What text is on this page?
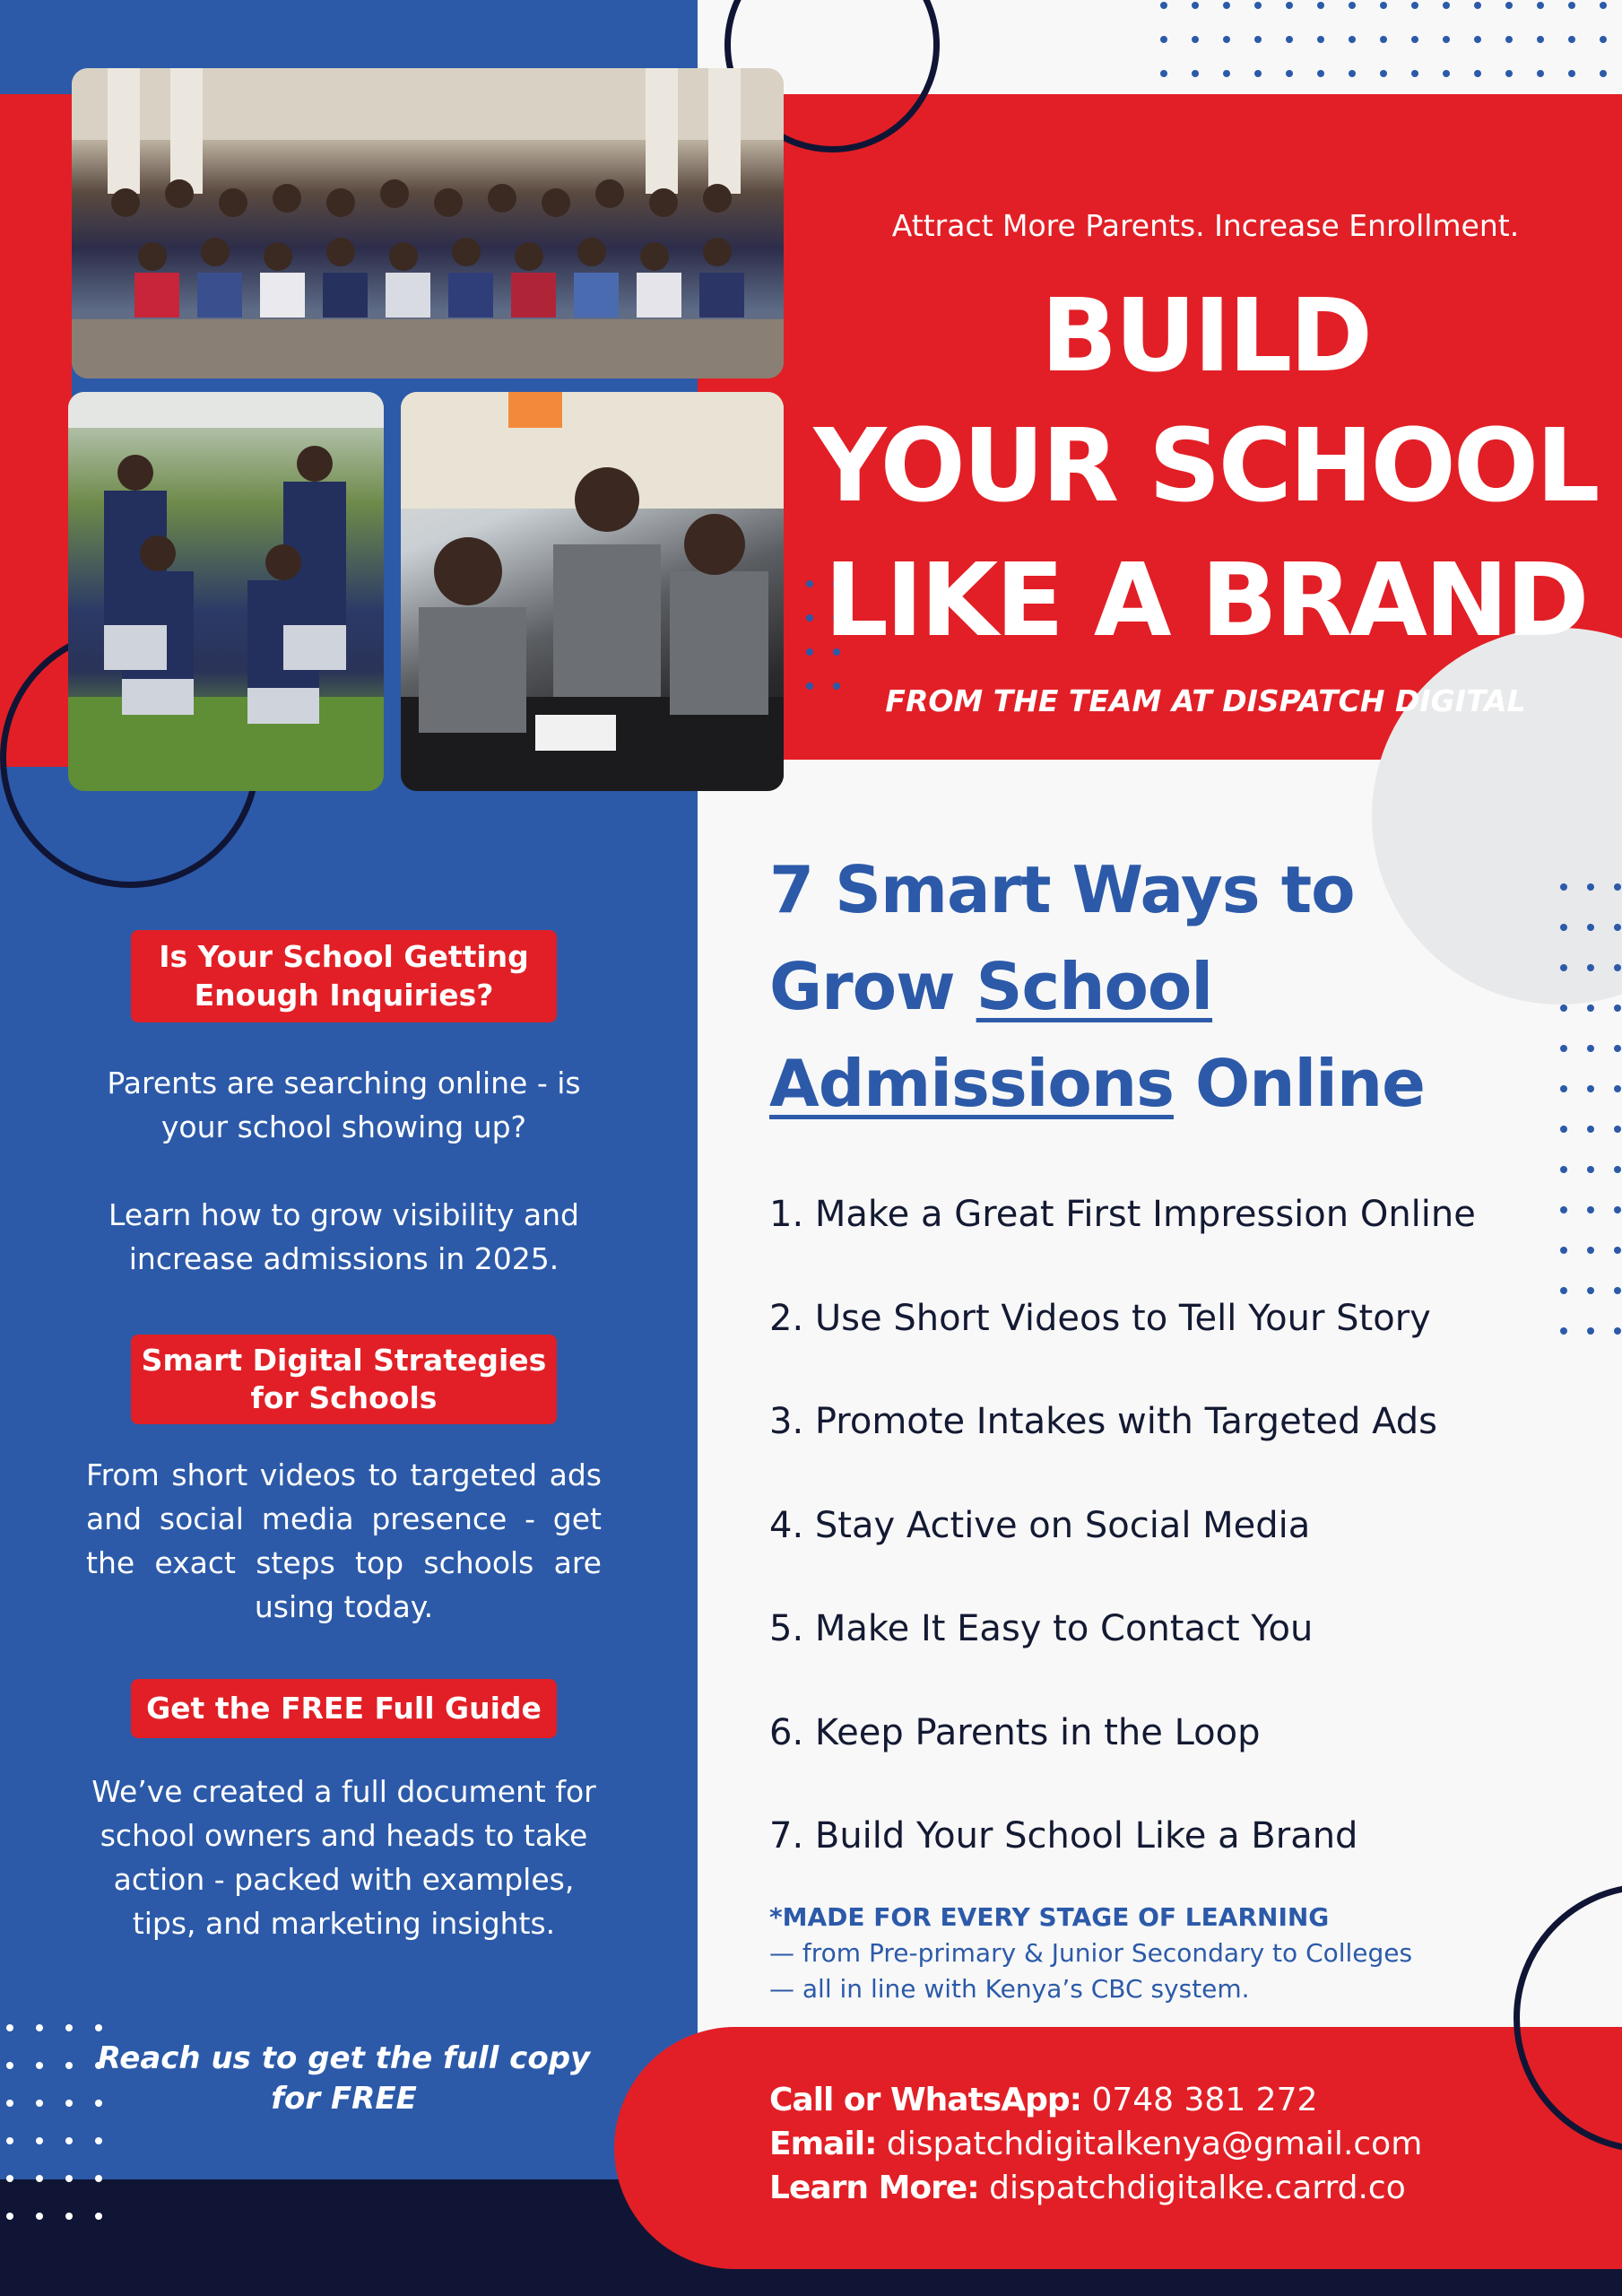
Attract More Parents. Increase Enrollment.
BUILD
YOUR SCHOOL
LIKE A BRAND
FROM THE TEAM AT DISPATCH DIGITAL
7 Smart Ways to
Grow School
Admissions Online
1. Make a Great First Impression Online
2. Use Short Videos to Tell Your Story
3. Promote Intakes with Targeted Ads
4. Stay Active on Social Media
5. Make It Easy to Contact You
6. Keep Parents in the Loop
7. Build Your School Like a Brand
*MADE FOR EVERY STAGE OF LEARNING
— from Pre-primary & Junior Secondary to Colleges
— all in line with Kenya’s CBC system.
Call or WhatsApp: 0748 381 272
Email: dispatchdigitalkenya@gmail.com
Learn More: dispatchdigitalke.carrd.co
Is Your School Getting Enough Inquiries?
Parents are searching online - is your school showing up?
Learn how to grow visibility and increase admissions in 2025.
Smart Digital Strategies for Schools
From short videos to targeted ads and social media presence - get the exact steps top schools are using today.
Get the FREE Full Guide
We’ve created a full document for school owners and heads to take action - packed with examples, tips, and marketing insights.
Reach us to get the full copy for FREE
